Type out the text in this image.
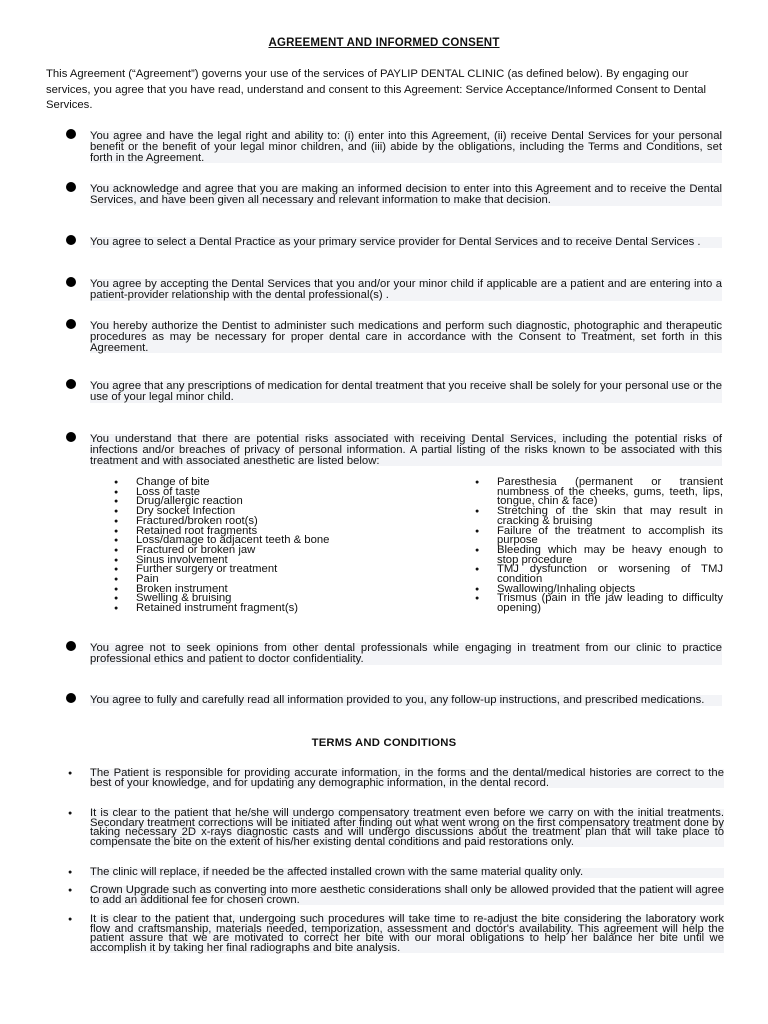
AGREEMENT AND INFORMED CONSENT
This Agreement (“Agreement”) governs your use of the services of PAYLIP DENTAL CLINIC (as defined below). By engaging our services, you agree that you have read, understand and consent to this Agreement: Service Acceptance/Informed Consent to Dental Services.
You agree and have the legal right and ability to: (i) enter into this Agreement, (ii) receive Dental Services for your personal benefit or the benefit of your legal minor children, and (iii) abide by the obligations, including the Terms and Conditions, set forth in the Agreement.
You acknowledge and agree that you are making an informed decision to enter into this Agreement and to receive the Dental Services, and have been given all necessary and relevant information to make that decision.
You agree to select a Dental Practice as your primary service provider for Dental Services and to receive Dental Services .
You agree by accepting the Dental Services that you and/or your minor child if applicable are a patient and are entering into a patient-provider relationship with the dental professional(s) .
You hereby authorize the Dentist to administer such medications and perform such diagnostic, photographic and therapeutic procedures as may be necessary for proper dental care in accordance with the Consent to Treatment, set forth in this Agreement.
You agree that any prescriptions of medication for dental treatment that you receive shall be solely for your personal use or the use of your legal minor child.
You understand that there are potential risks associated with receiving Dental Services, including the potential risks of infections and/or breaches of privacy of personal information. A partial listing of the risks known to be associated with this treatment and with associated anesthetic are listed below:
You agree not to seek opinions from other dental professionals while engaging in treatment from our clinic to practice professional ethics and patient to doctor confidentiality.
You agree to fully and carefully read all information provided to you, any follow-up instructions, and prescribed medications.
● Change of bite
● Loss of taste
● Drug/allergic reaction
● Dry socket Infection
● Fractured/broken root(s)
● Retained root fragments
● Loss/damage to adjacent teeth & bone
● Fractured or broken jaw
● Sinus involvement
● Further surgery or treatment
● Pain
● Broken instrument
● Swelling & bruising
● Retained instrument fragment(s)
● Paresthesia (permanent or transient numbness of the cheeks, gums, teeth, lips, tongue, chin & face)
● Stretching of the skin that may result in cracking & bruising
● Failure of the treatment to accomplish its purpose
● Bleeding which may be heavy enough to stop procedure
● TMJ dysfunction or worsening of TMJ condition
● Swallowing/Inhaling objects
● Trismus (pain in the jaw leading to difficulty opening)
TERMS AND CONDITIONS
● The Patient is responsible for providing accurate information, in the forms and the dental/medical histories are correct to the best of your knowledge, and for updating any demographic information, in the dental record.
● It is clear to the patient that he/she will undergo compensatory treatment even before we carry on with the initial treatments. Secondary treatment corrections will be initiated after finding out what went wrong on the first compensatory treatment done by taking necessary 2D x-rays diagnostic casts and will undergo discussions about the treatment plan that will take place to compensate the bite on the extent of his/her existing dental conditions and paid restorations only.
● The clinic will replace, if needed be the affected installed crown with the same material quality only.
● Crown Upgrade such as converting into more aesthetic considerations shall only be allowed provided that the patient will agree to add an additional fee for chosen crown.
● It is clear to the patient that, undergoing such procedures will take time to re-adjust the bite considering the laboratory work flow and craftsmanship, materials needed, temporization, assessment and doctor's availability. This agreement will help the patient assure that we are motivated to correct her bite with our moral obligations to help her balance her bite until we accomplish it by taking her final radiographs and bite analysis.
